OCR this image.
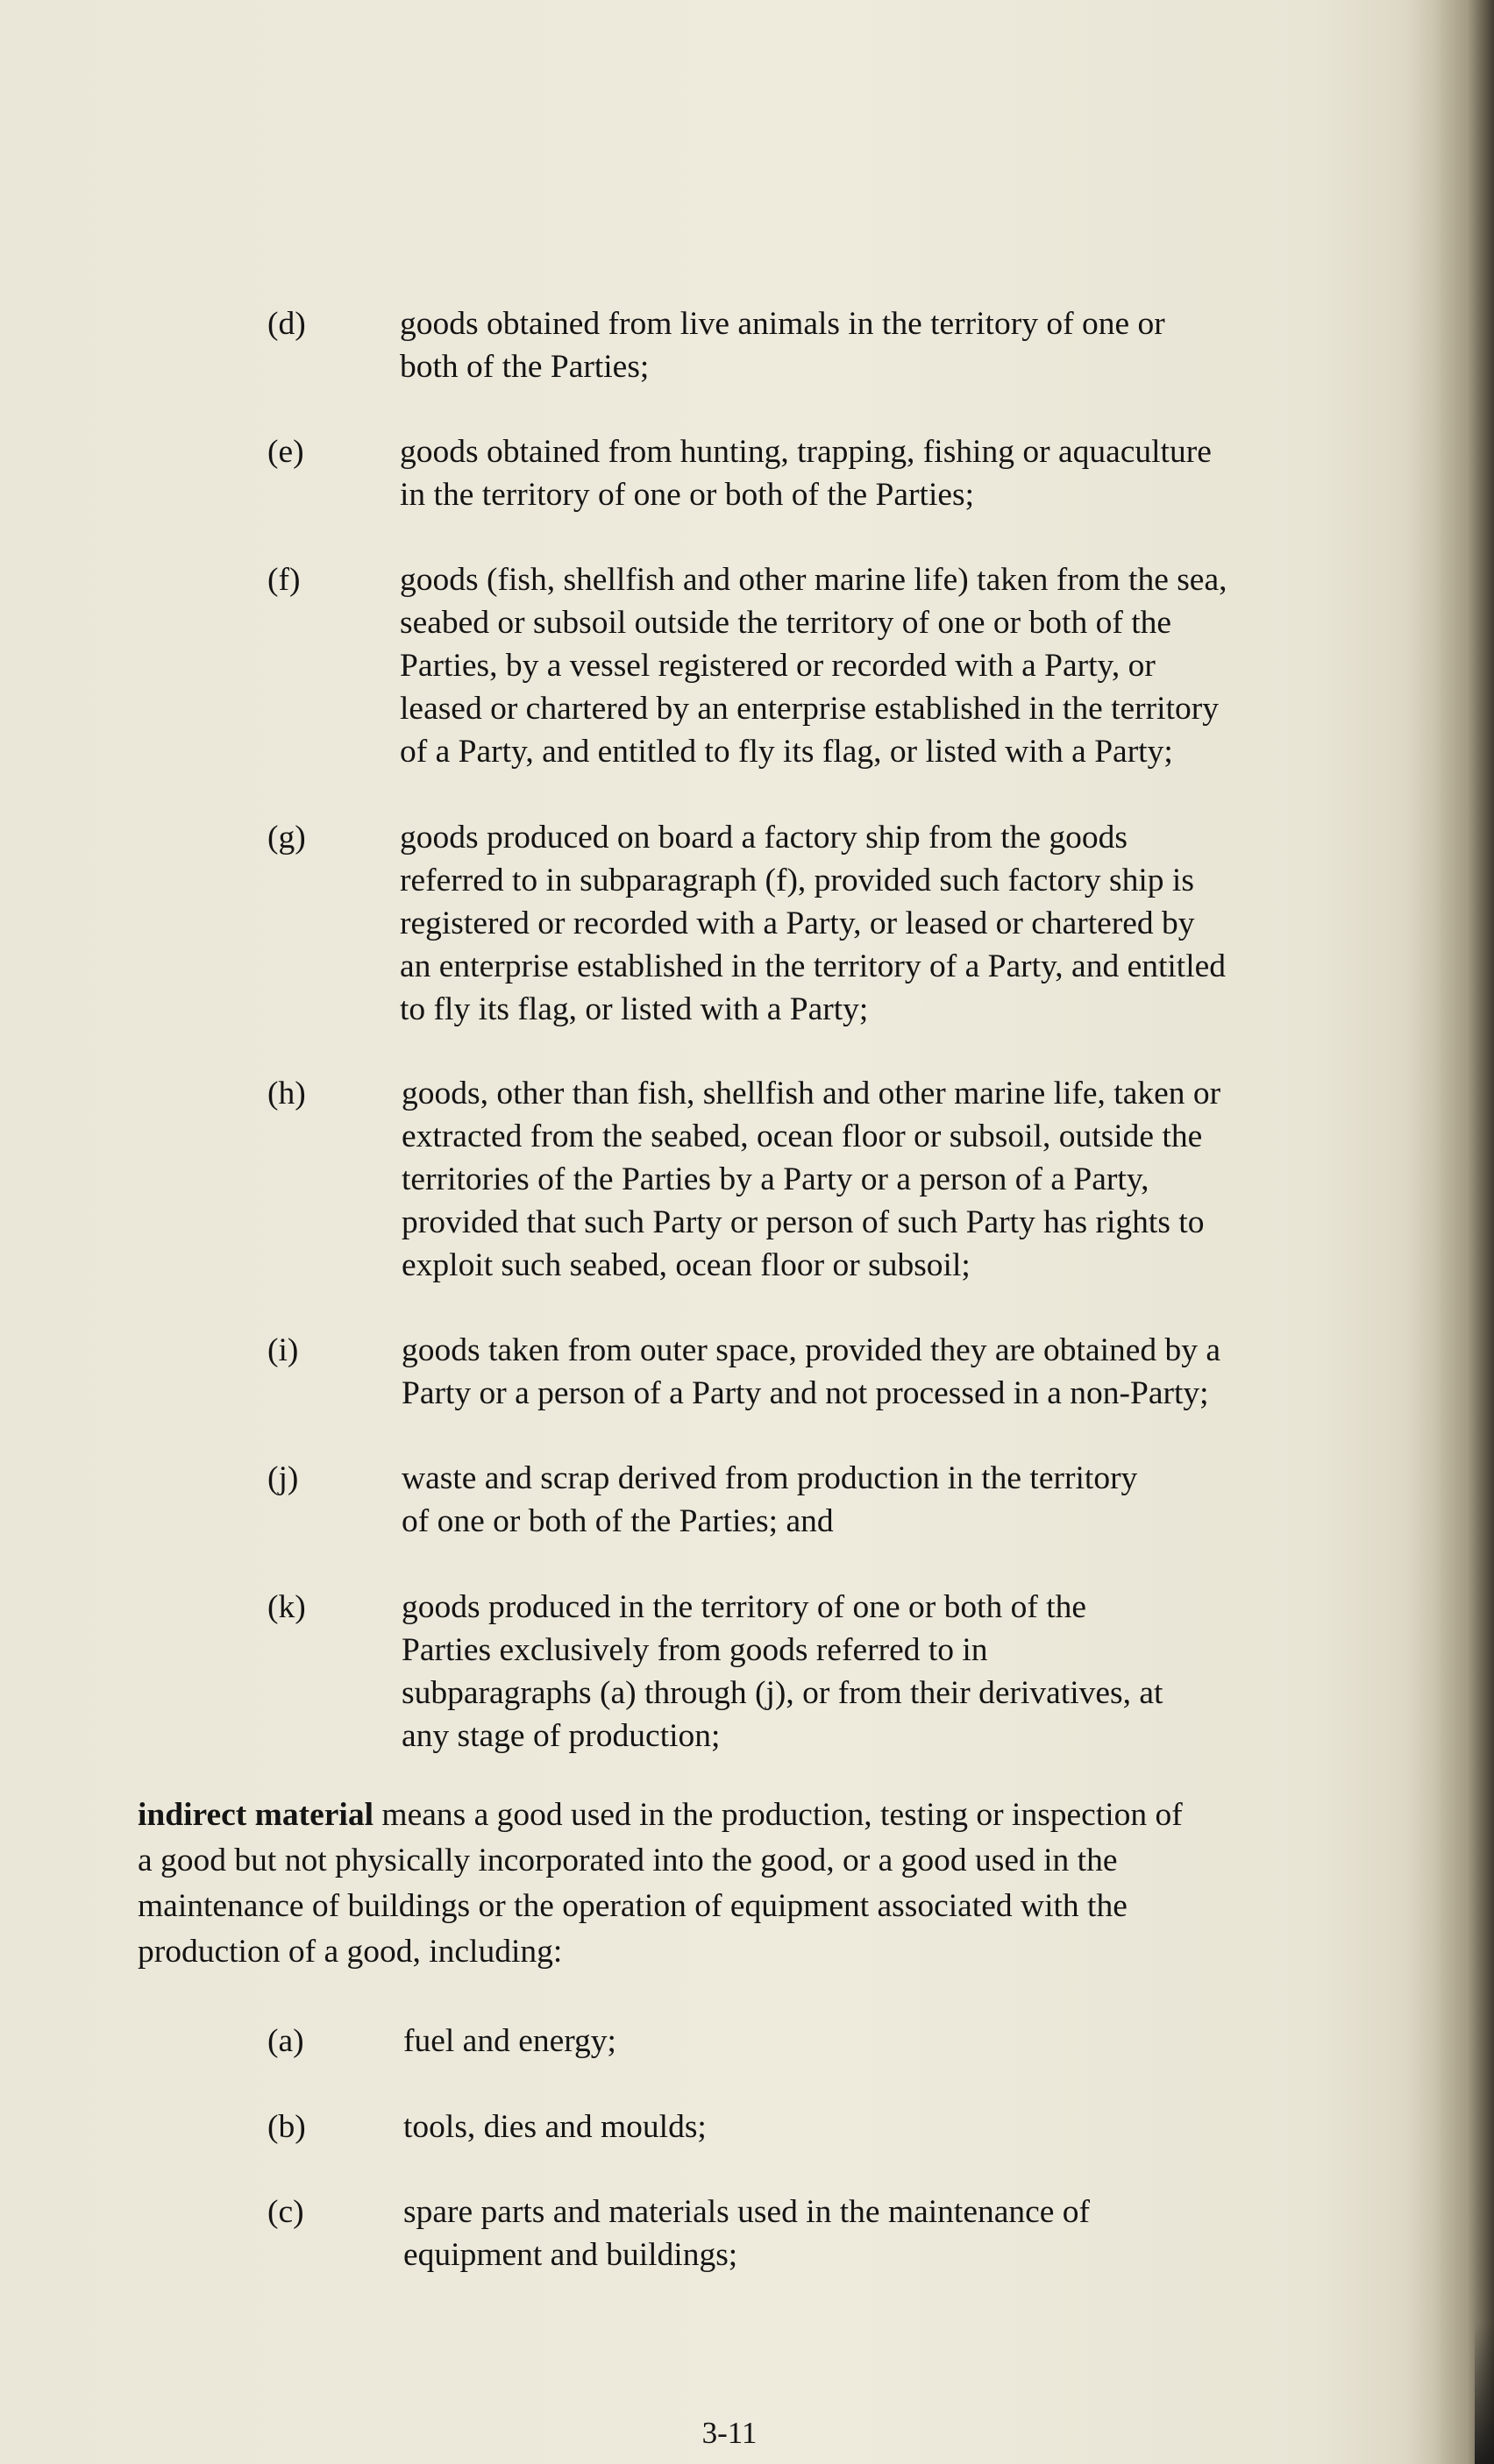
(d)	goods obtained from live animals in the territory of one or
both of the Parties;
(e)	goods obtained from hunting, trapping, fishing or aquaculture
in the territory of one or both of the Parties;
(f)	goods (fish, shellfish and other marine life) taken from the sea,
seabed or subsoil outside the territory of one or both of the
Parties, by a vessel registered or recorded with a Party, or
leased or chartered by an enterprise established in the territory
of a Party, and entitled to fly its flag, or listed with a Party;
(g)	goods produced on board a factory ship from the goods
referred to in subparagraph (f), provided such factory ship is
registered or recorded with a Party, or leased or chartered by
an enterprise established in the territory of a Party, and entitled
to fly its flag, or listed with a Party;
(h)	goods, other than fish, shellfish and other marine life, taken or
extracted from the seabed, ocean floor or subsoil, outside the
territories of the Parties by a Party or a person of a Party,
provided that such Party or person of such Party has rights to
exploit such seabed, ocean floor or subsoil;
(i)	goods taken from outer space, provided they are obtained by a
Party or a person of a Party and not processed in a non-Party;
(j)	waste and scrap derived from production in the territory
of one or both of the Parties; and
(k)	goods produced in the territory of one or both of the
Parties exclusively from goods referred to in
subparagraphs (a) through (j), or from their derivatives, at
any stage of production;
indirect material means a good used in the production, testing or inspection of
a good but not physically incorporated into the good, or a good used in the
maintenance of buildings or the operation of equipment associated with the
production of a good, including:
(a)	fuel and energy;
(b)	tools, dies and moulds;
(c)	spare parts and materials used in the maintenance of
equipment and buildings;
3-11
